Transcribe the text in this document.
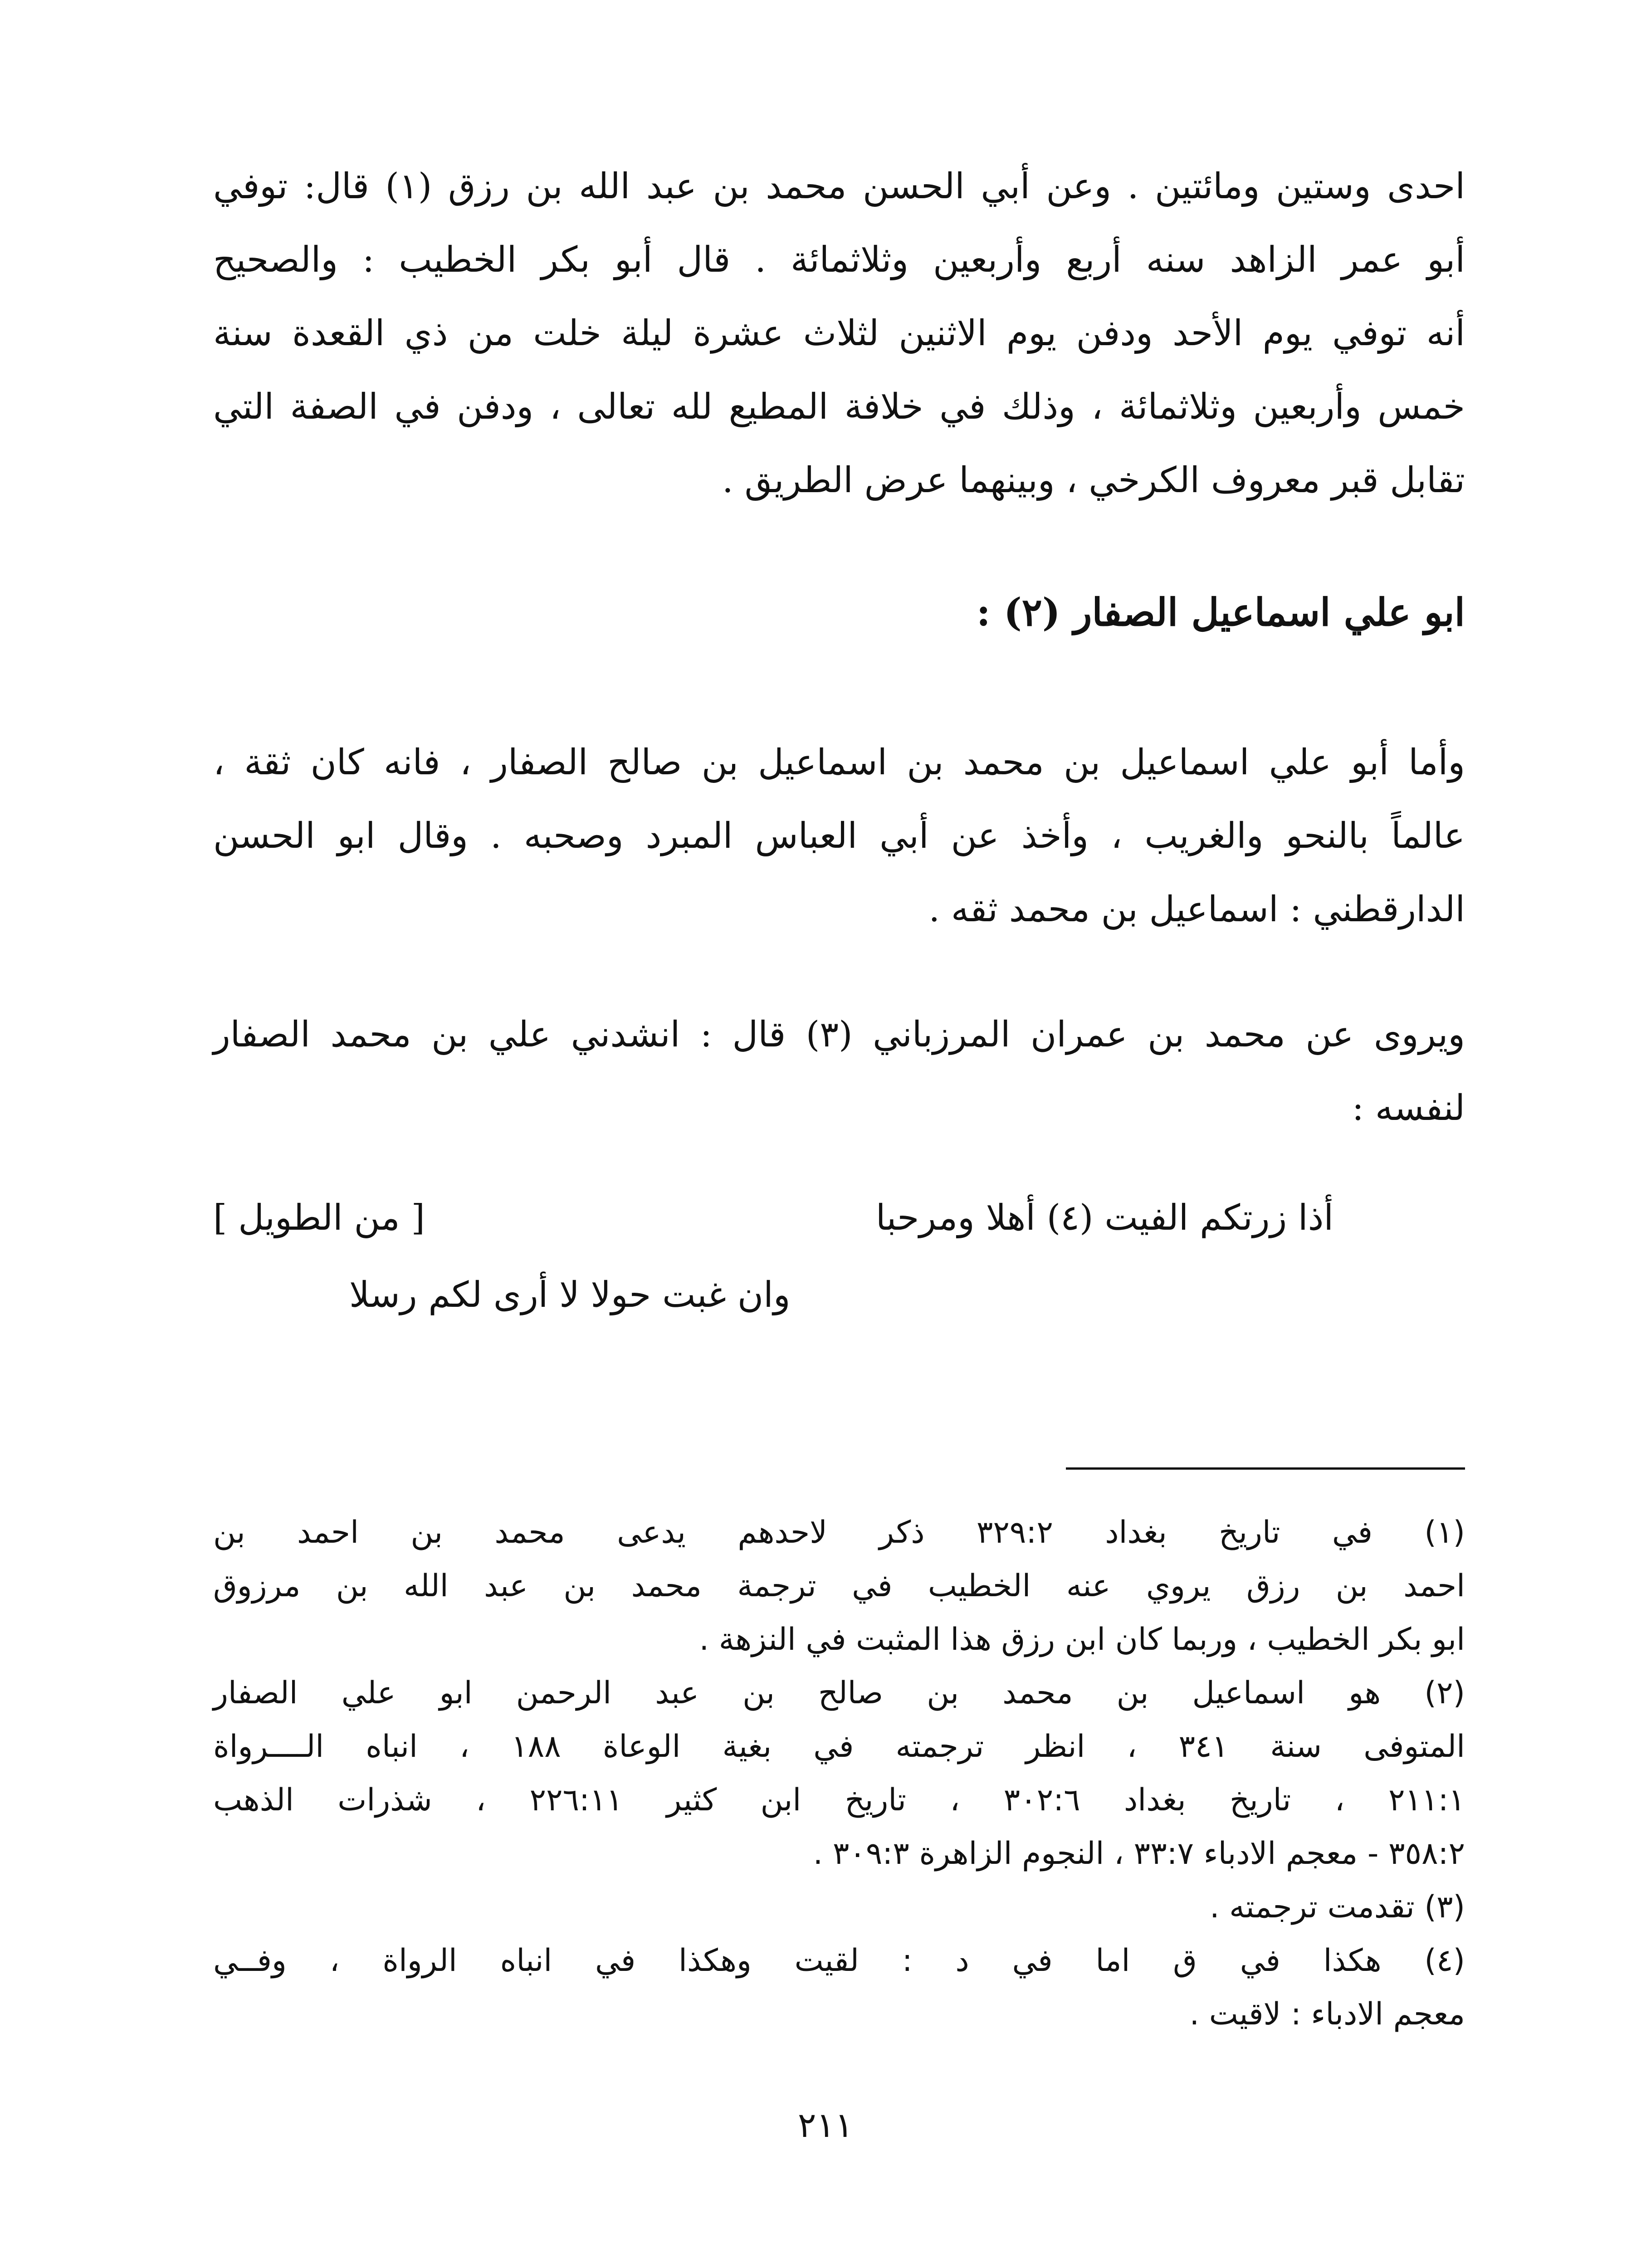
احدى وستين ومائتين . وعن أبي الحسن محمد بن عبد الله بن رزق (١) قال: توفي
أبو عمر الزاهد سنه أربع وأربعين وثلاثمائة . قال أبو بكر الخطيب : والصحيح
أنه توفي يوم الأحد ودفن يوم الاثنين لثلاث عشرة ليلة خلت من ذي القعدة سنة
خمس وأربعين وثلاثمائة ، وذلك في خلافة المطيع لله تعالى ، ودفن في الصفة التي
تقابل قبر معروف الكرخي ، وبينهما عرض الطريق .
ابو علي اسماعيل الصفار (٢) :
وأما أبو علي اسماعيل بن محمد بن اسماعيل بن صالح الصفار ، فانه كان ثقة ،
عالماً بالنحو والغريب ، وأخذ عن أبي العباس المبرد وصحبه . وقال ابو الحسن
الدارقطني : اسماعيل بن محمد ثقه .
ويروى عن محمد بن عمران المرزباني (٣) قال : انشدني علي بن محمد الصفار
لنفسه :
أذا زرتكم الفيت (٤) أهلا ومرحبا
[ من الطويل ]
وان غبت حولا لا أرى لكم رسلا
(١) في تاريخ بغداد ٣٢٩:٢ ذكر لاحدهم يدعى محمد بن احمد بن
احمد بن رزق يروي عنه الخطيب في ترجمة محمد بن عبد الله بن مرزوق
ابو بكر الخطيب ، وربما كان ابن رزق هذا المثبت في النزهة .
(٢) هو اسماعيل بن محمد بن صالح بن عبد الرحمن ابو علي الصفار
المتوفى سنة ٣٤١ ، انظر ترجمته في بغية الوعاة ١٨٨ ، انباه الــــرواة
٢١١:١ ، تاريخ بغداد ٣٠٢:٦ ، تاريخ ابن كثير ٢٢٦:١١ ، شذرات الذهب
٣٥٨:٢ - معجم الادباء ٣٣:٧ ، النجوم الزاهرة ٣٠٩:٣ .
(٣) تقدمت ترجمته .
(٤) هكذا في ق اما في د : لقيت وهكذا في انباه الرواة ، وفــي
معجم الادباء : لاقيت .
٢١١
